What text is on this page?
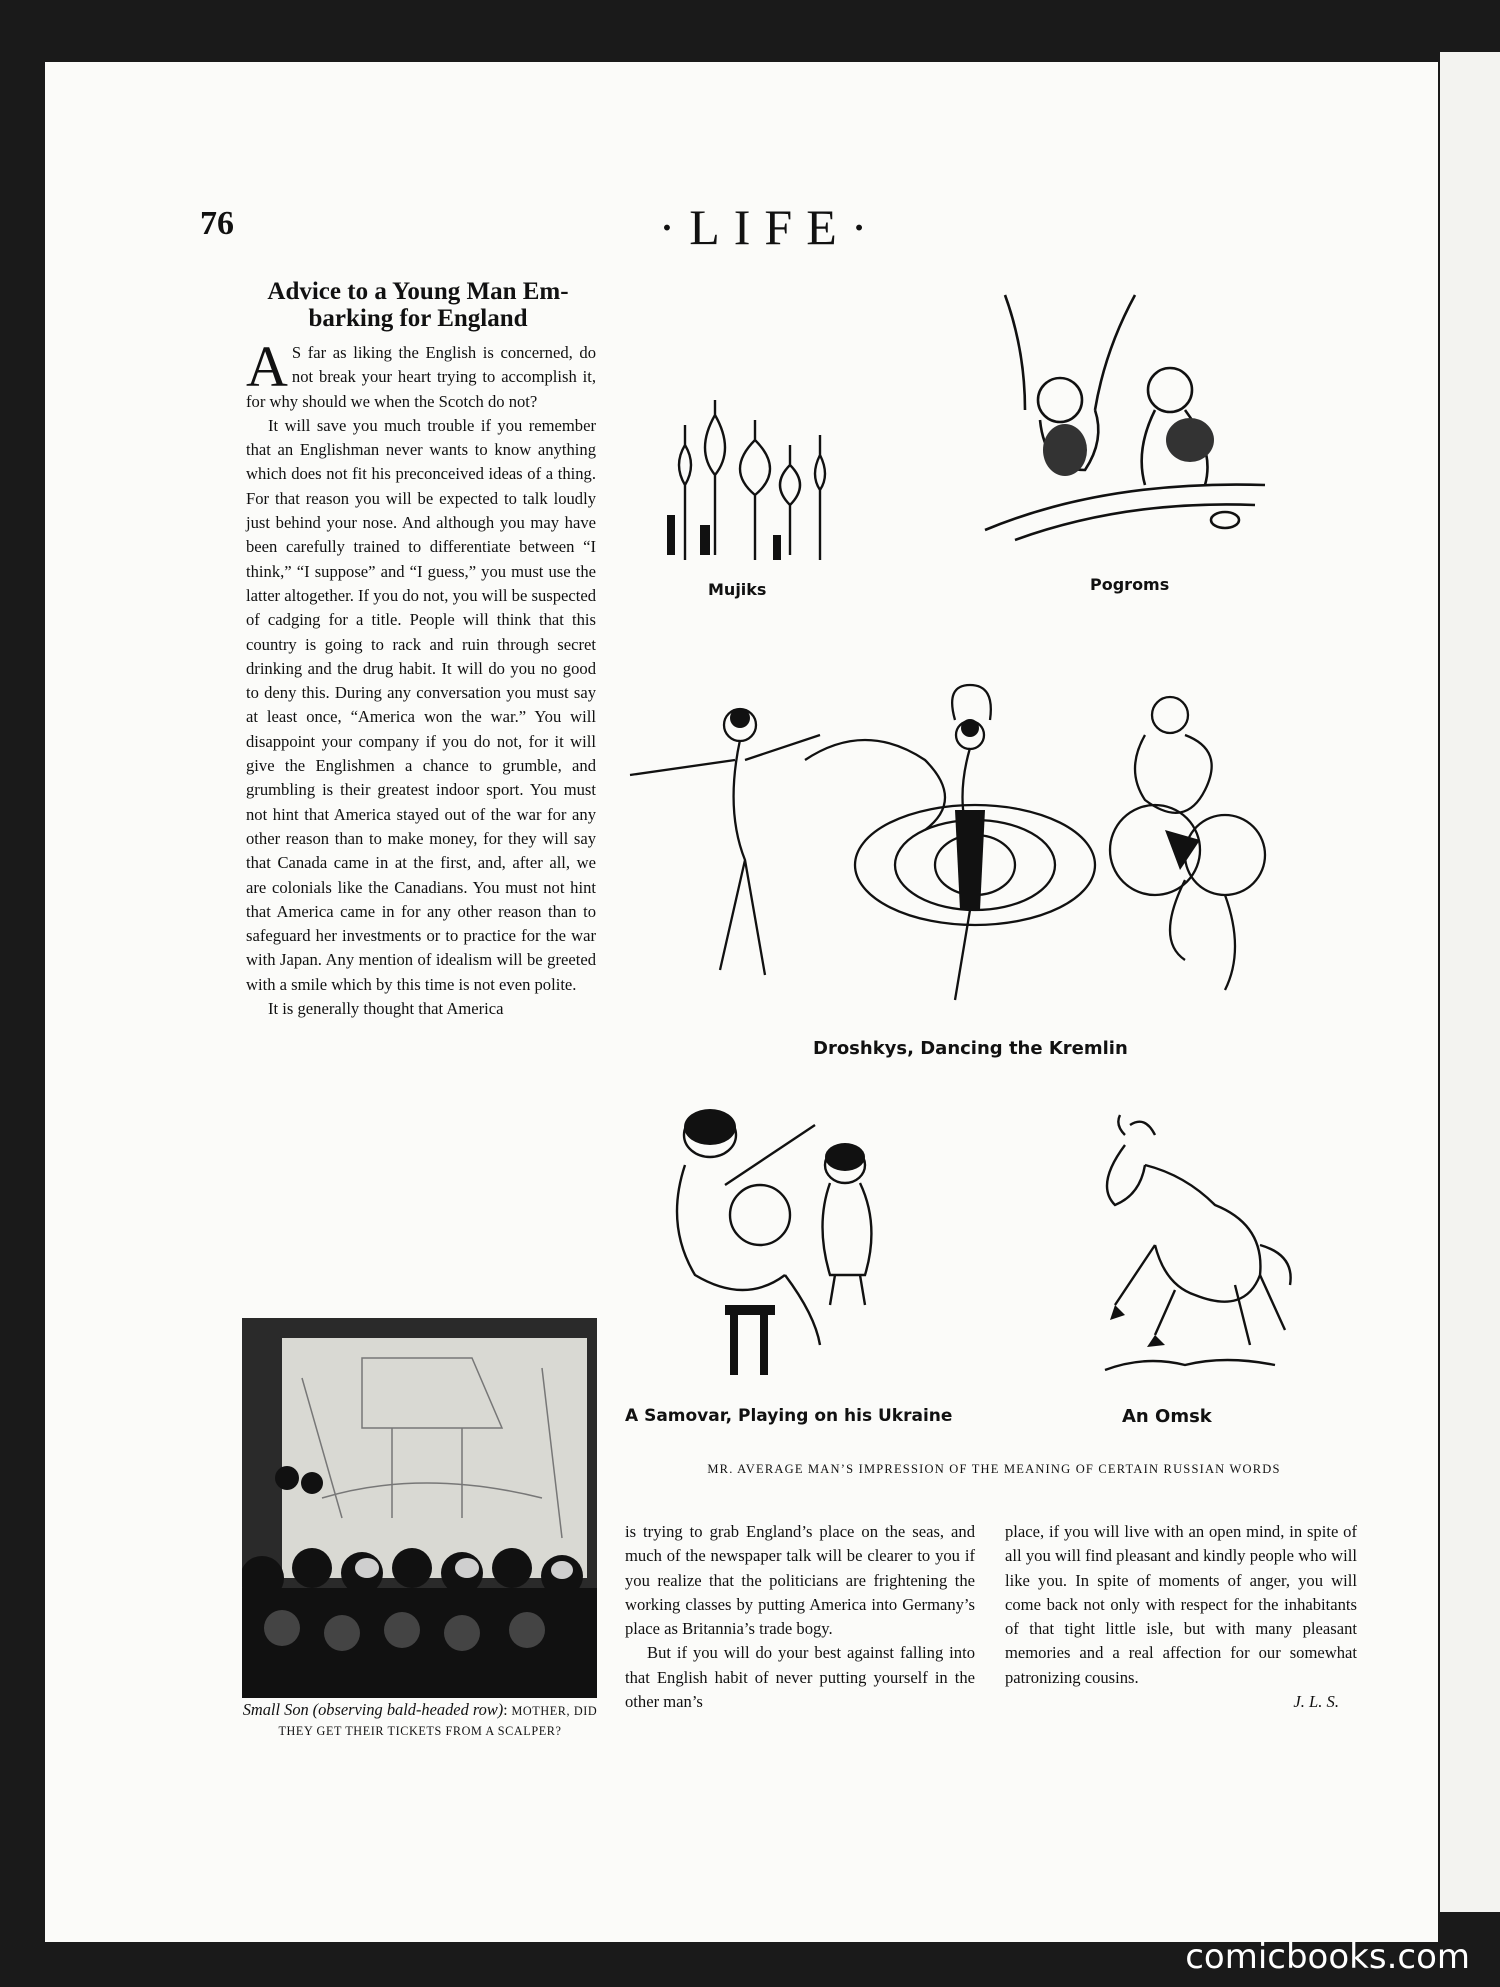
76	·LIFE·
Advice to a Young Man Em-barking for England

A S far as liking the English is concerned, do not break your heart trying to accomplish it, for why should we when the Scotch do not?

It will save you much trouble if you remember that an Englishman never wants to know anything which does not fit his preconceived ideas of a thing. For that reason you will be expected to talk loudly just behind your nose. And although you may have been carefully trained to differentiate between “I think,” “I suppose” and “I guess,” you must use the latter altogether. If you do not, you will be suspected of cadging for a title. People will think that this country is going to rack and ruin through secret drinking and the drug habit. It will do you no good to deny this. During any conversation you must say at least once, “America won the war.” You will disappoint your company if you do not, for it will give the Englishmen a chance to grumble, and grumbling is their greatest indoor sport. You must not hint that America stayed out of the war for any other reason than to make money, for they will say that Canada came in at the first, and, after all, we are colonials like the Canadians. You must not hint that America came in for any other reason than to safeguard her investments or to practice for the war with Japan. Any mention of idealism will be greeted with a smile which by this time is not even polite.

It is generally thought that America

is trying to grab England’s place on the seas, and much of the newspaper talk will be clearer to you if you realize that the politicians are frightening the working classes by putting America into Germany’s place as Britannia’s trade bogy.

But if you will do your best against falling into that English habit of never putting yourself in the other man’s

place, if you will live with an open mind, in spite of all you will find pleasant and kindly people who will like you. In spite of moments of anger, you will come back not only with respect for the inhabitants of that tight little isle, but with many pleasant memories and a real affection for our somewhat patronizing cousins.

J. L. S.

Mujiks	Pogroms
Droshkys, Dancing the Kremlin
A Samovar, Playing on his Ukraine	An Omsk
MR. AVERAGE MAN’S IMPRESSION OF THE MEANING OF CERTAIN RUSSIAN WORDS
Small Son (observing bald-headed row): MOTHER, DID THEY GET THEIR TICKETS FROM A SCALPER?
comicbooks.com
